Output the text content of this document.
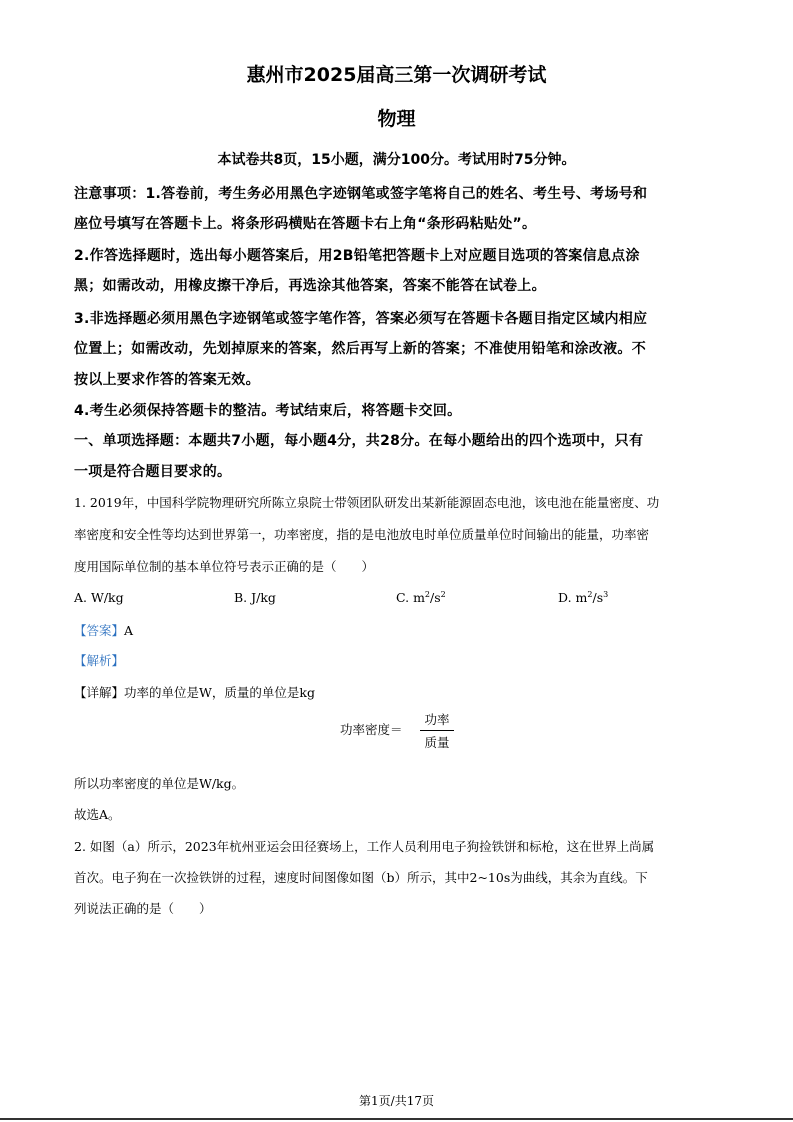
惠州市2025届高三第一次调研考试
物理
本试卷共8页，15小题，满分100分。考试用时75分钟。
注意事项：1.答卷前，考生务必用黑色字迹钢笔或签字笔将自己的姓名、考生号、考场号和
座位号填写在答题卡上。将条形码横贴在答题卡右上角“条形码粘贴处”。
2.作答选择题时，选出每小题答案后，用2B铅笔把答题卡上对应题目选项的答案信息点涂
黑；如需改动，用橡皮擦干净后，再选涂其他答案，答案不能答在试卷上。
3.非选择题必须用黑色字迹钢笔或签字笔作答，答案必须写在答题卡各题目指定区域内相应
位置上；如需改动，先划掉原来的答案，然后再写上新的答案；不准使用铅笔和涂改液。不
按以上要求作答的答案无效。
4.考生必须保持答题卡的整洁。考试结束后，将答题卡交回。
一、单项选择题：本题共7小题，每小题4分，共28分。在每小题给出的四个选项中，只有
一项是符合题目要求的。
1. 2019年，中国科学院物理研究所陈立泉院士带领团队研发出某新能源固态电池，该电池在能量密度、功
率密度和安全性等均达到世界第一，功率密度，指的是电池放电时单位质量单位时间输出的能量，功率密
度用国际单位制的基本单位符号表示正确的是（　　）
A. W/kg	B. J/kg	C. $m^2/s^2$	D. $m^2/s^3$
【答案】A
【解析】
【详解】功率的单位是W，质量的单位是kg
功率密度＝
功率
质量
所以功率密度的单位是W/kg。
故选A。
2. 如图（a）所示，2023年杭州亚运会田径赛场上，工作人员利用电子狗捡铁饼和标枪，这在世界上尚属
首次。电子狗在一次捡铁饼的过程，速度时间图像如图（b）所示，其中2~10s为曲线，其余为直线。下
列说法正确的是（　　）
第1页/共17页
